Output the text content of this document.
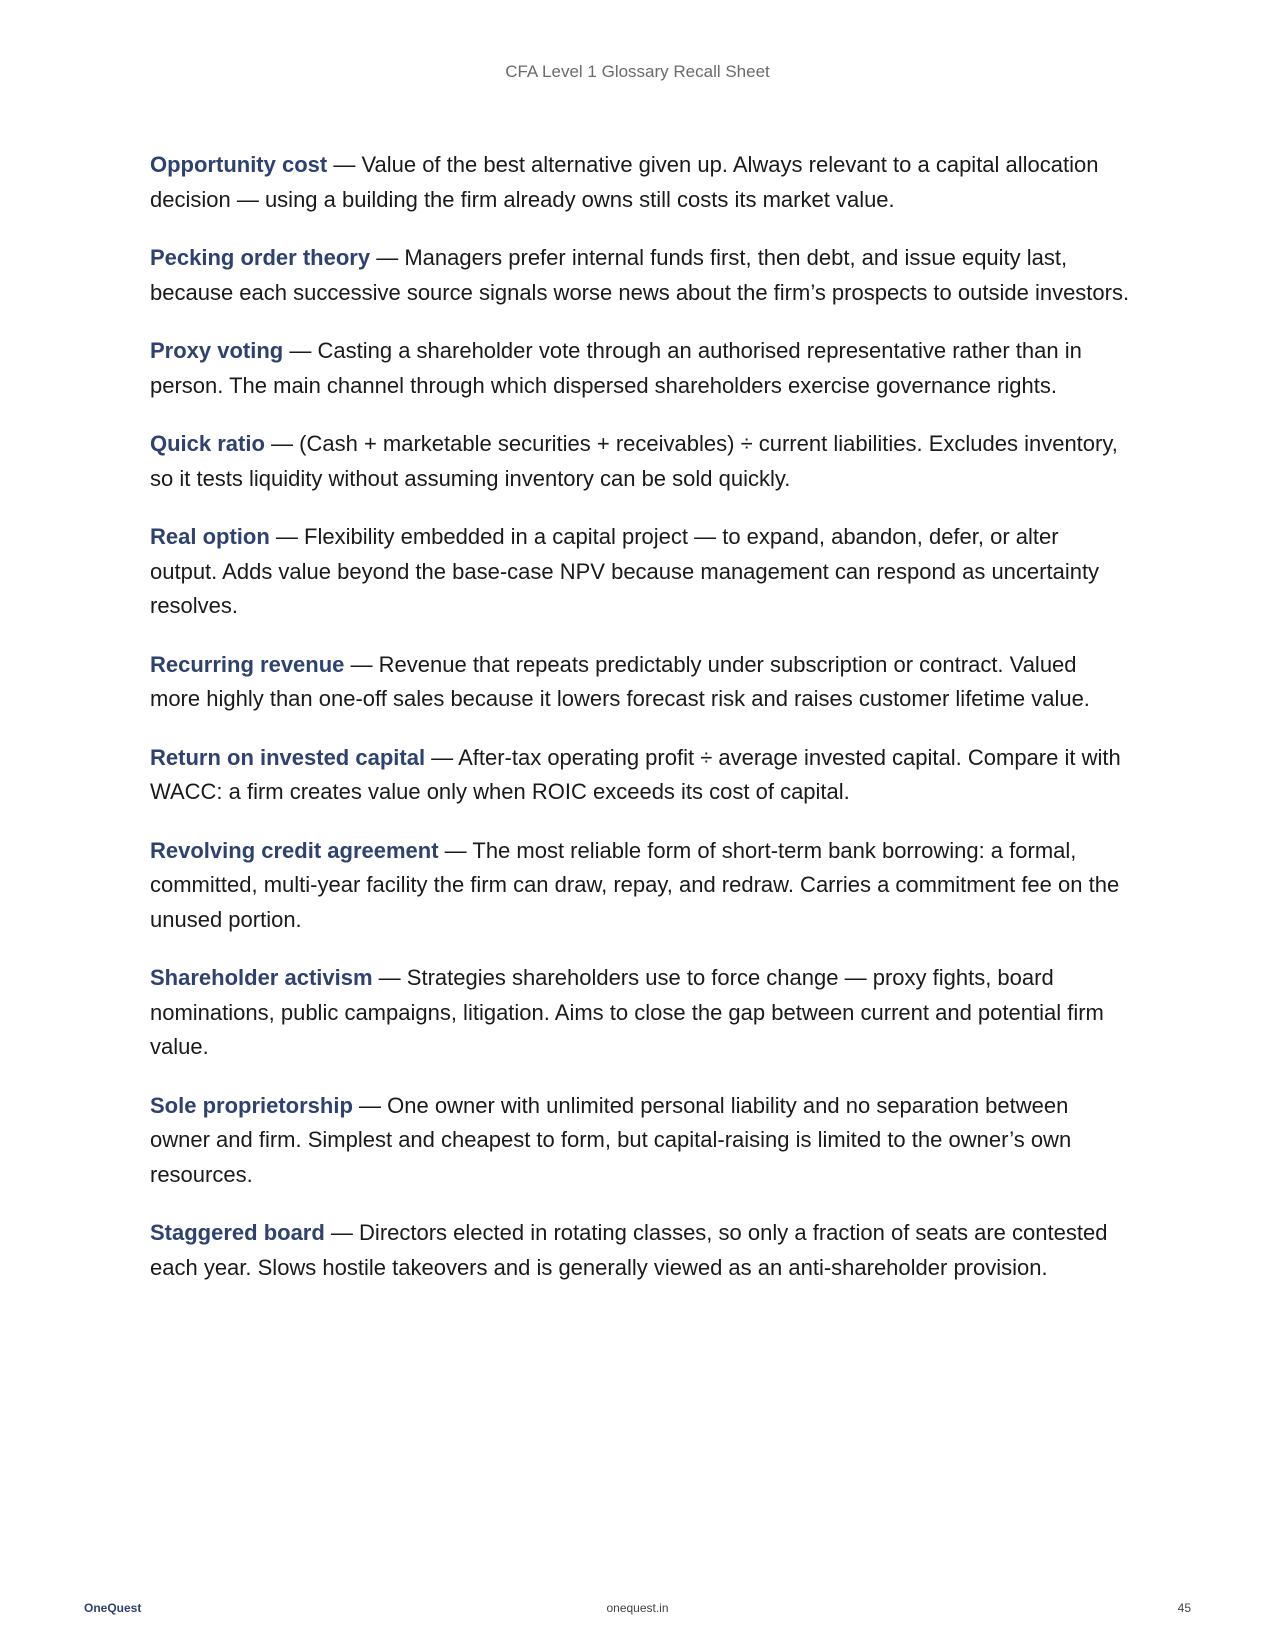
CFA Level 1 Glossary Recall Sheet

Opportunity cost — Value of the best alternative given up. Always relevant to a capital allocation decision — using a building the firm already owns still costs its market value.

Pecking order theory — Managers prefer internal funds first, then debt, and issue equity last, because each successive source signals worse news about the firm’s prospects to outside investors.

Proxy voting — Casting a shareholder vote through an authorised representative rather than in person. The main channel through which dispersed shareholders exercise governance rights.

Quick ratio — (Cash + marketable securities + receivables) ÷ current liabilities. Excludes inventory, so it tests liquidity without assuming inventory can be sold quickly.

Real option — Flexibility embedded in a capital project — to expand, abandon, defer, or alter output. Adds value beyond the base-case NPV because management can respond as uncertainty resolves.

Recurring revenue — Revenue that repeats predictably under subscription or contract. Valued more highly than one-off sales because it lowers forecast risk and raises customer lifetime value.

Return on invested capital — After-tax operating profit ÷ average invested capital. Compare it with WACC: a firm creates value only when ROIC exceeds its cost of capital.

Revolving credit agreement — The most reliable form of short-term bank borrowing: a formal, committed, multi-year facility the firm can draw, repay, and redraw. Carries a commitment fee on the unused portion.

Shareholder activism — Strategies shareholders use to force change — proxy fights, board nominations, public campaigns, litigation. Aims to close the gap between current and potential firm value.

Sole proprietorship — One owner with unlimited personal liability and no separation between owner and firm. Simplest and cheapest to form, but capital-raising is limited to the owner’s own resources.

Staggered board — Directors elected in rotating classes, so only a fraction of seats are contested each year. Slows hostile takeovers and is generally viewed as an anti-shareholder provision.

OneQuest	onequest.in	45
